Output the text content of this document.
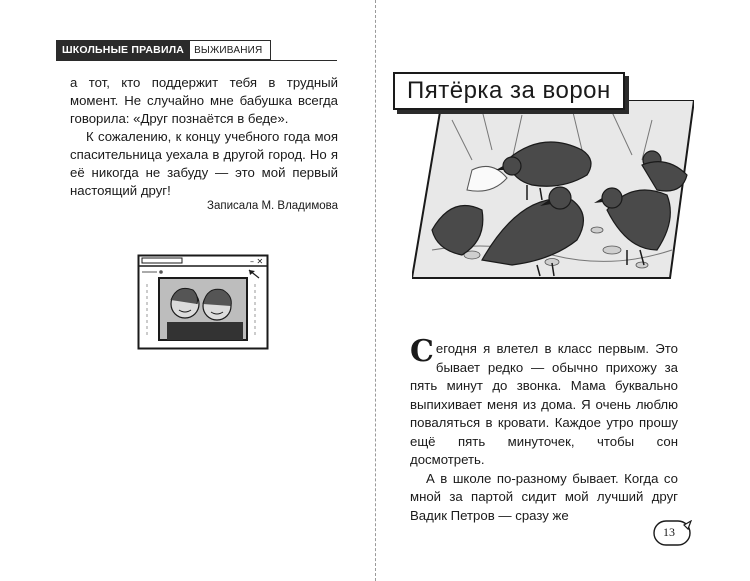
ШКОЛЬНЫЕ ПРАВИЛА	ВЫЖИВАНИЯ

а тот, кто поддержит тебя в трудный момент. Не случайно мне бабушка всегда говорила: «Друг познаётся в беде».

К сожалению, к концу учебного года моя спасительница уехала в другой город. Но я её никогда не забуду — это мой первый настоящий друг!

Записала М. Владимова
– ✕
Пятёрка за ворон

Сегодня я влетел в класс первым. Это бывает редко — обычно прихожу за пять минут до звонка. Мама буквально выпихивает меня из дома. Я очень люблю поваляться в кровати. Каждое утро прошу ещё пять минуточек, чтобы сон досмотреть.

А в школе по-разному бывает. Когда со мной за партой сидит мой лучший друг Вадик Петров — сразу же

13
